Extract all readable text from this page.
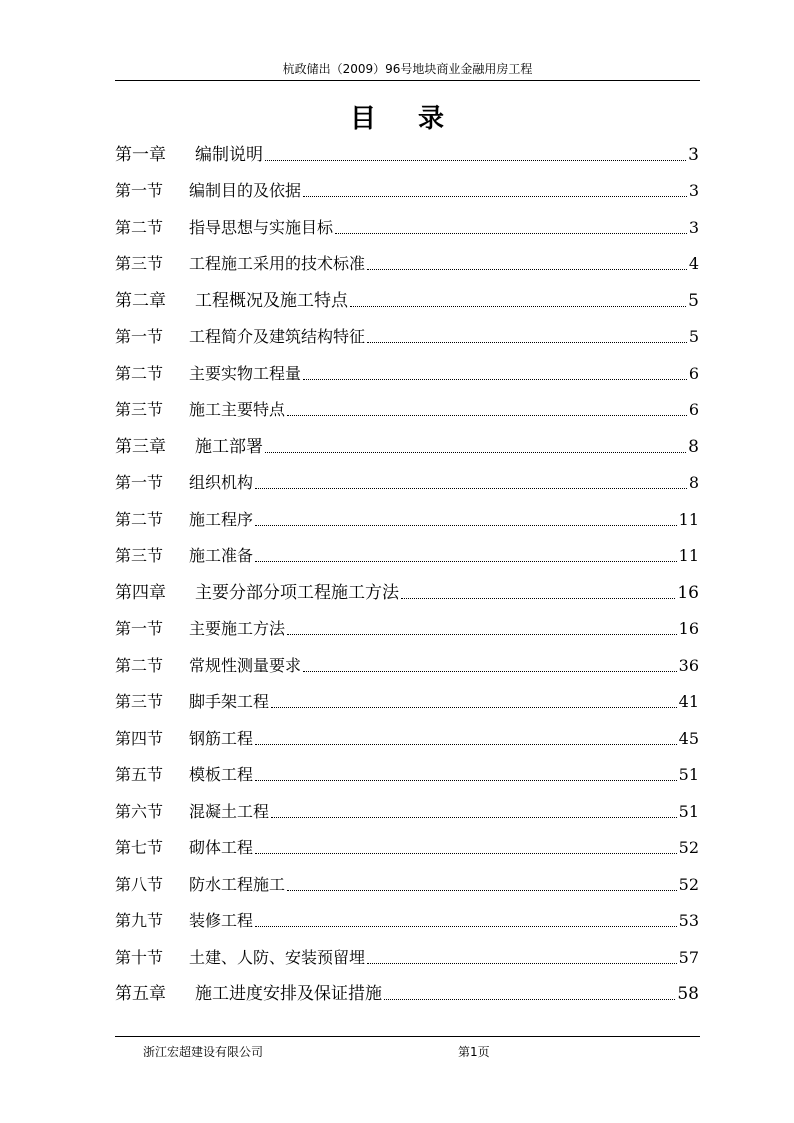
杭政储出（2009）96号地块商业金融用房工程
目录
第一章	编制说明	3
第一节	编制目的及依据	3
第二节	指导思想与实施目标	3
第三节	工程施工采用的技术标准	4
第二章	工程概况及施工特点	5
第一节	工程简介及建筑结构特征	5
第二节	主要实物工程量	6
第三节	施工主要特点	6
第三章	施工部署	8
第一节	组织机构	8
第二节	施工程序	11
第三节	施工准备	11
第四章	主要分部分项工程施工方法	16
第一节	主要施工方法	16
第二节	常规性测量要求	36
第三节	脚手架工程	41
第四节	钢筋工程	45
第五节	模板工程	51
第六节	混凝土工程	51
第七节	砌体工程	52
第八节	防水工程施工	52
第九节	装修工程	53
第十节	土建、人防、安装预留埋	57
第五章	施工进度安排及保证措施	58
浙江宏超建设有限公司	第1页
